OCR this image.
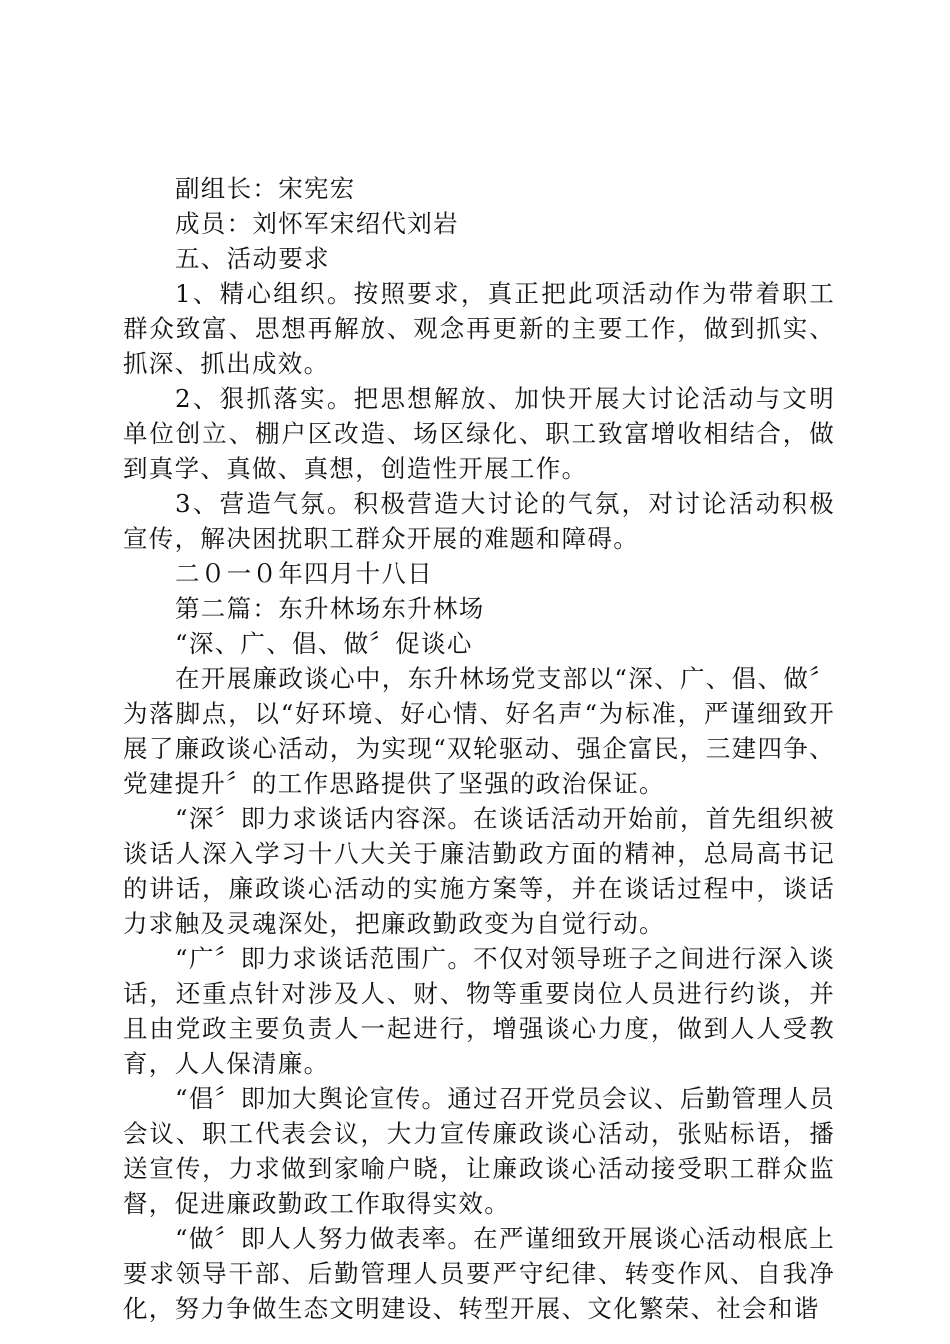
副组长：宋宪宏

成员：刘怀军宋绍代刘岩

五、活动要求

1、精心组织。按照要求，真正把此项活动作为带着职工群众致富、思想再解放、观念再更新的主要工作，做到抓实、抓深、抓出成效。

2、狠抓落实。把思想解放、加快开展大讨论活动与文明单位创立、棚户区改造、场区绿化、职工致富增收相结合，做到真学、真做、真想，创造性开展工作。

3、营造气氛。积极营造大讨论的气氛，对讨论活动积极宣传，解决困扰职工群众开展的难题和障碍。

二０一０年四月十八日

第二篇：东升林场东升林场

“深、广、倡、做〞促谈心

在开展廉政谈心中，东升林场党支部以“深、广、倡、做〞为落脚点，以“好环境、好心情、好名声“为标准，严谨细致开展了廉政谈心活动，为实现“双轮驱动、强企富民，三建四争、党建提升〞的工作思路提供了坚强的政治保证。

“深〞即力求谈话内容深。在谈话活动开始前，首先组织被谈话人深入学习十八大关于廉洁勤政方面的精神，总局高书记的讲话，廉政谈心活动的实施方案等，并在谈话过程中，谈话力求触及灵魂深处，把廉政勤政变为自觉行动。

“广〞即力求谈话范围广。不仅对领导班子之间进行深入谈话，还重点针对涉及人、财、物等重要岗位人员进行约谈，并且由党政主要负责人一起进行，增强谈心力度，做到人人受教育，人人保清廉。

“倡〞即加大舆论宣传。通过召开党员会议、后勤管理人员会议、职工代表会议，大力宣传廉政谈心活动，张贴标语，播送宣传，力求做到家喻户晓，让廉政谈心活动接受职工群众监督，促进廉政勤政工作取得实效。

“做〞即人人努力做表率。在严谨细致开展谈心活动根底上要求领导干部、后勤管理人员要严守纪律、转变作风、自我净化，努力争做生态文明建设、转型开展、文化繁荣、社会和谐
